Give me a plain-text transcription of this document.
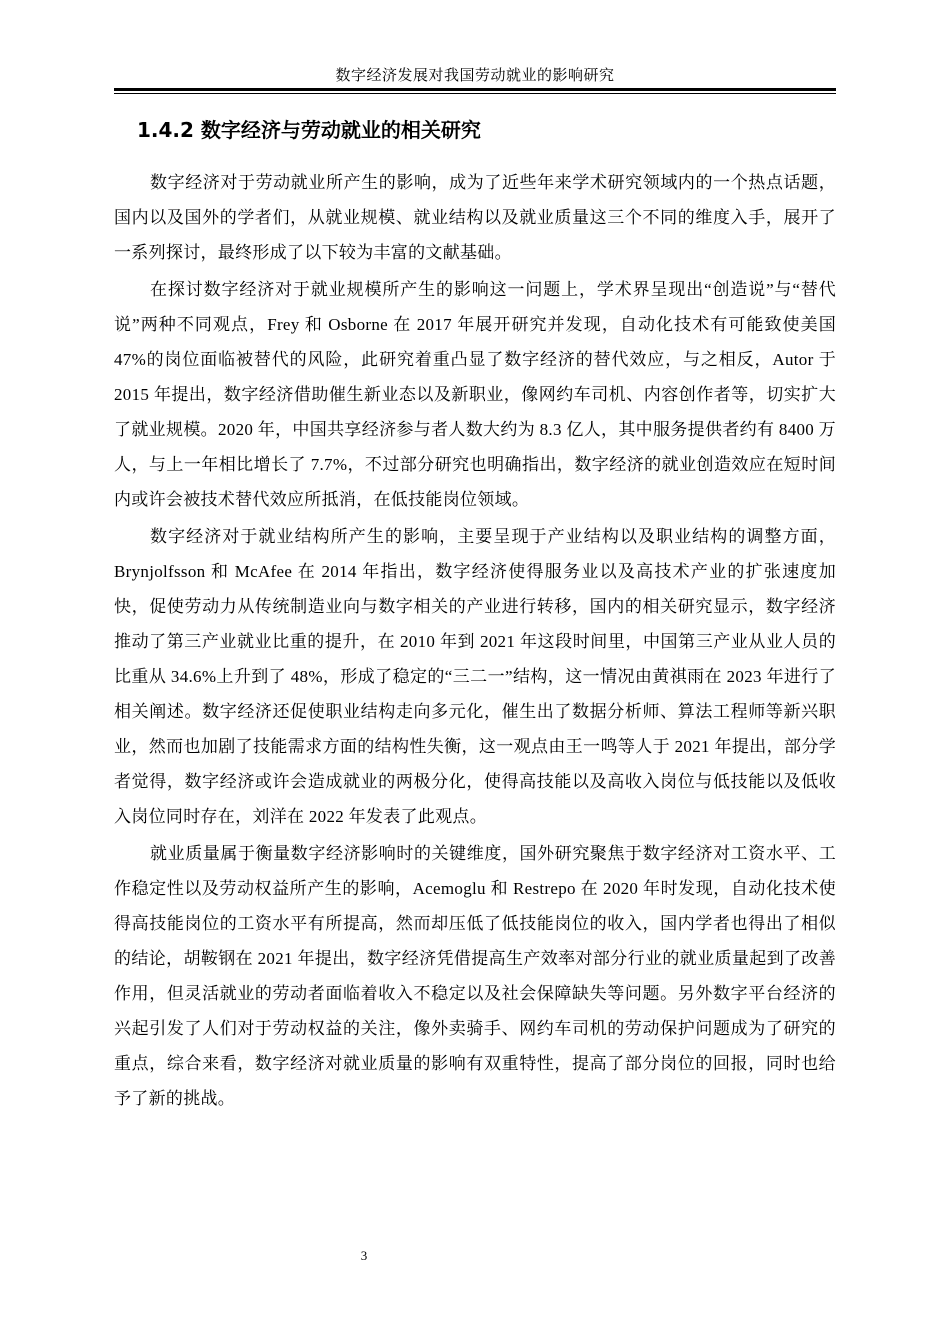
数字经济发展对我国劳动就业的影响研究
1.4.2 数字经济与劳动就业的相关研究

数字经济对于劳动就业所产生的影响，成为了近些年来学术研究领域内的一个热点话题，国内以及国外的学者们，从就业规模、就业结构以及就业质量这三个不同的维度入手，展开了一系列探讨，最终形成了以下较为丰富的文献基础。

在探讨数字经济对于就业规模所产生的影响这一问题上，学术界呈现出“创造说”与“替代说”两种不同观点，Frey 和 Osborne 在 2017 年展开研究并发现，自动化技术有可能致使美国 47%的岗位面临被替代的风险，此研究着重凸显了数字经济的替代效应，与之相反，Autor 于 2015 年提出，数字经济借助催生新业态以及新职业，像网约车司机、内容创作者等，切实扩大了就业规模。2020 年，中国共享经济参与者人数大约为 8.3 亿人，其中服务提供者约有 8400 万人，与上一年相比增长了 7.7%，不过部分研究也明确指出，数字经济的就业创造效应在短时间内或许会被技术替代效应所抵消，在低技能岗位领域。

数字经济对于就业结构所产生的影响，主要呈现于产业结构以及职业结构的调整方面，Brynjolfsson 和 McAfee 在 2014 年指出，数字经济使得服务业以及高技术产业的扩张速度加快，促使劳动力从传统制造业向与数字相关的产业进行转移，国内的相关研究显示，数字经济推动了第三产业就业比重的提升，在 2010 年到 2021 年这段时间里，中国第三产业从业人员的比重从 34.6%上升到了 48%，形成了稳定的“三二一”结构，这一情况由黄祺雨在 2023 年进行了相关阐述。数字经济还促使职业结构走向多元化，催生出了数据分析师、算法工程师等新兴职业，然而也加剧了技能需求方面的结构性失衡，这一观点由王一鸣等人于 2021 年提出，部分学者觉得，数字经济或许会造成就业的两极分化，使得高技能以及高收入岗位与低技能以及低收入岗位同时存在，刘洋在 2022 年发表了此观点。

就业质量属于衡量数字经济影响时的关键维度，国外研究聚焦于数字经济对工资水平、工作稳定性以及劳动权益所产生的影响，Acemoglu 和 Restrepo 在 2020 年时发现，自动化技术使得高技能岗位的工资水平有所提高，然而却压低了低技能岗位的收入，国内学者也得出了相似的结论，胡鞍钢在 2021 年提出，数字经济凭借提高生产效率对部分行业的就业质量起到了改善作用，但灵活就业的劳动者面临着收入不稳定以及社会保障缺失等问题。另外数字平台经济的兴起引发了人们对于劳动权益的关注，像外卖骑手、网约车司机的劳动保护问题成为了研究的重点，综合来看，数字经济对就业质量的影响有双重特性，提高了部分岗位的回报，同时也给予了新的挑战。

3
